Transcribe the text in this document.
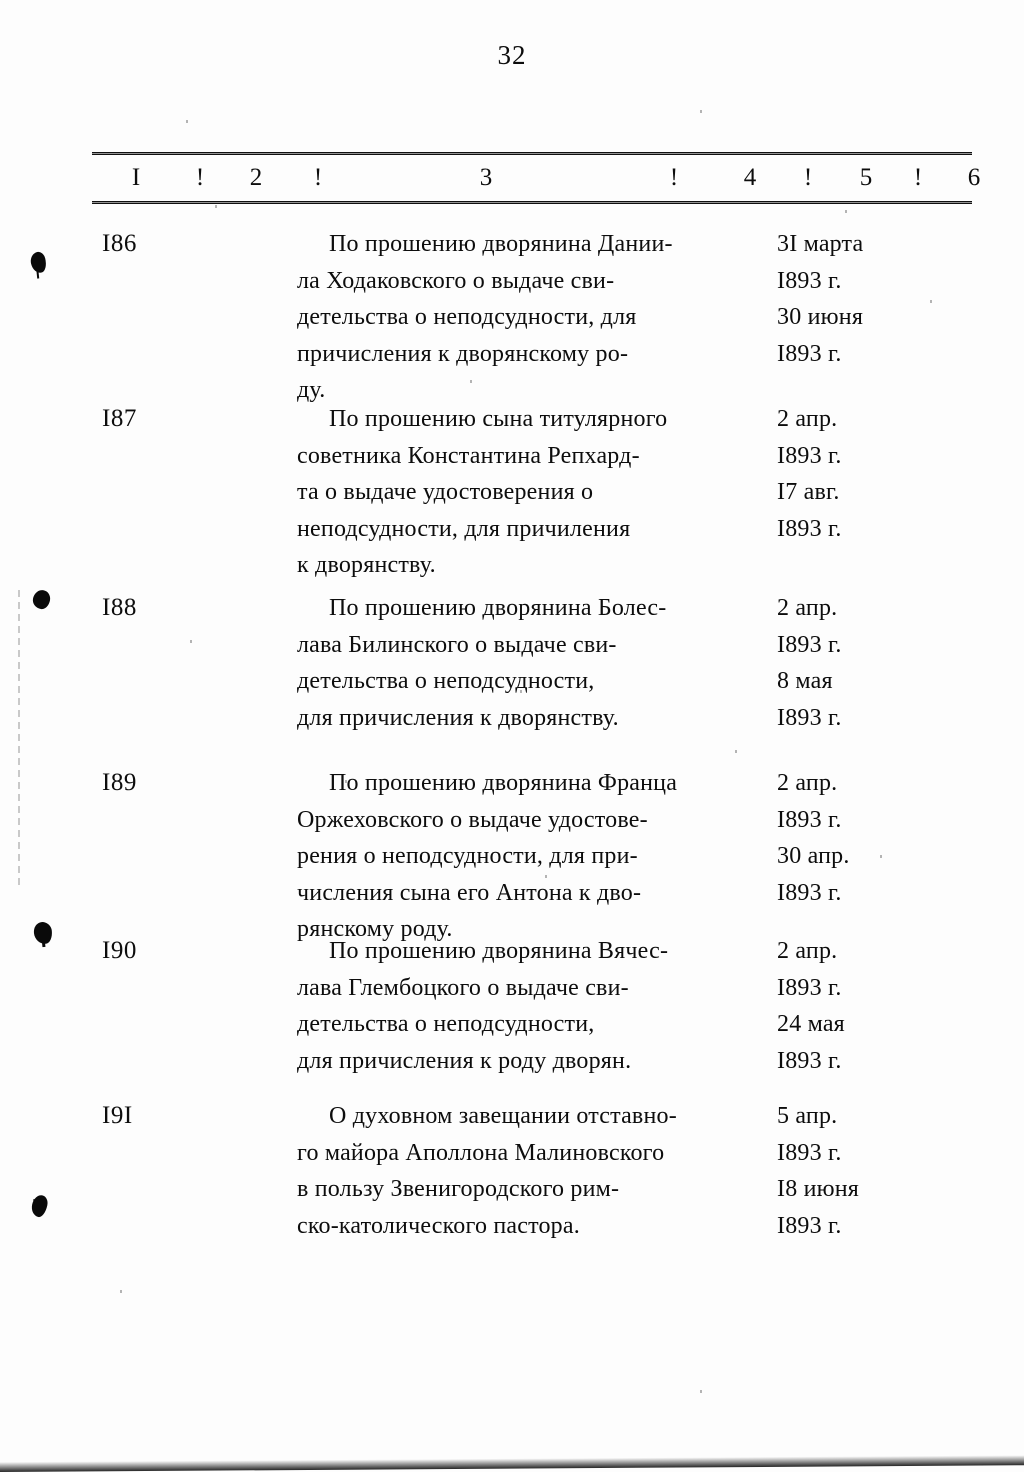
32
I	!	2	!	3	!	4	!	5	!	6
I86	По прошению дворянина Дании-	3I марта
ла Ходаковского о выдаче сви-	I893 г.
детельства о неподсудности, для	30 июня
причисления к дворянскому ро-	I893 г.
ду.
I87	По прошению сына титулярного	2 апр.
советника Константина Репхард-	I893 г.
та о выдаче удостоверения о	I7 авг.
неподсудности, для причиления	I893 г.
к дворянству.
I88	По прошению дворянина Болес-	2 апр.
лава Билинского о выдаче сви-	I893 г.
детельства о неподсудности,	8 мая
для причисления к дворянству.	I893 г.
I89	По прошению дворянина Франца	2 апр.
Оржеховского о выдаче удостове-	I893 г.
рения о неподсудности, для при-	30 апр.
числения сына его Антона к дво-	I893 г.
рянскому роду.
I90	По прошению дворянина Вячес-	2 апр.
лава Глембоцкого о выдаче сви-	I893 г.
детельства о неподсудности,	24 мая
для причисления к роду дворян.	I893 г.
I9I	О духовном завещании отставно-	5 апр.
го майора Аполлона Малиновского	I893 г.
в пользу Звенигородского рим-	I8 июня
ско-католического пастора.	I893 г.
